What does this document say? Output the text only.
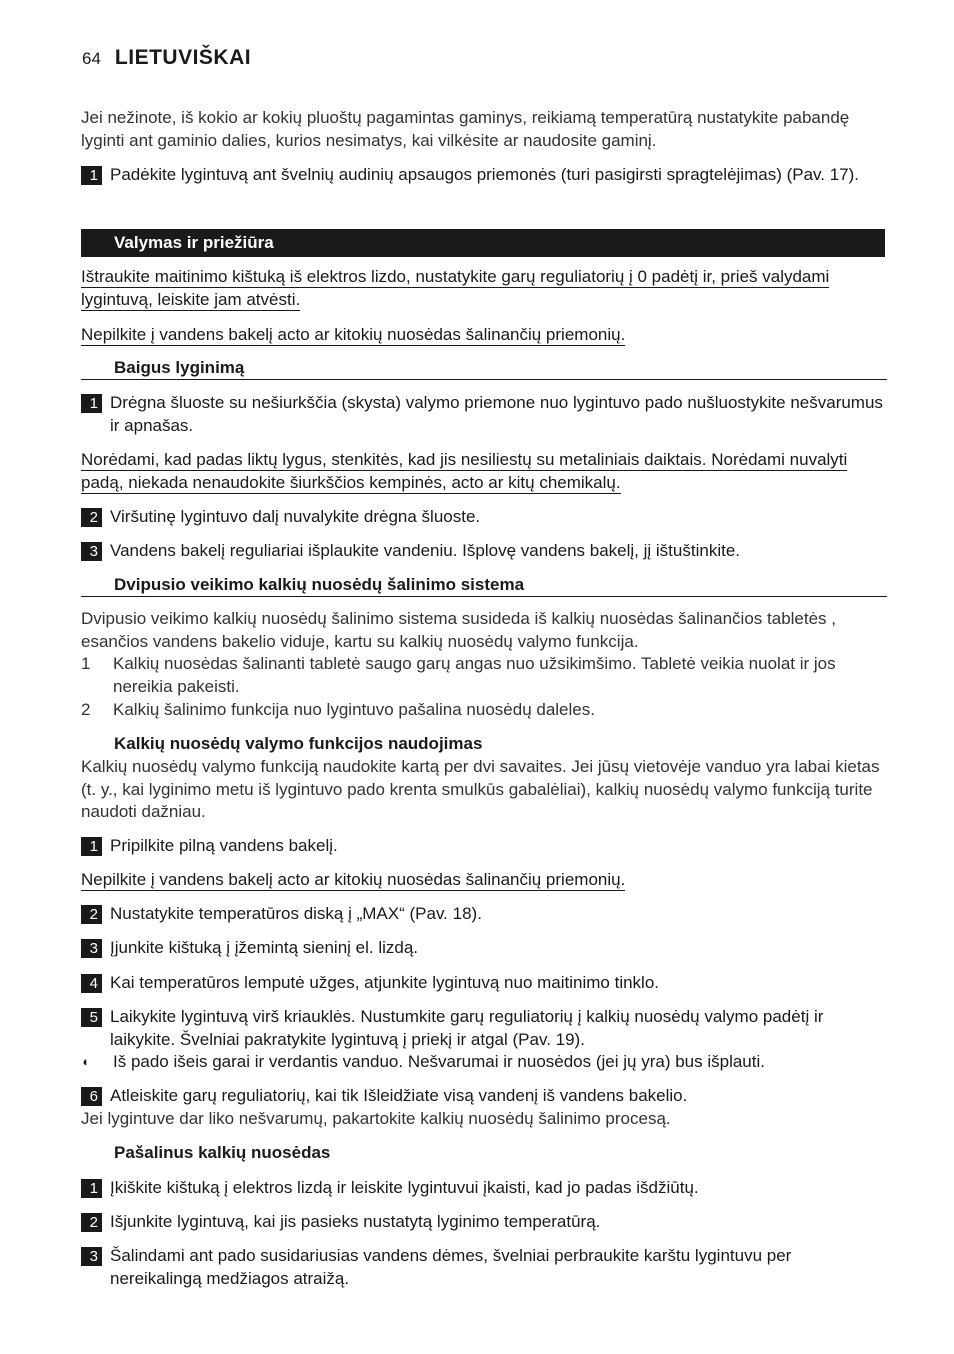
64 LIETUVIŠKAI
Jei nežinote, iš kokio ar kokių pluoštų pagamintas gaminys, reikiamą temperatūrą nustatykite pabandę lyginti ant gaminio dalies, kurios nesimatys, kai vilkėsite ar naudosite gaminį.
1 Padėkite lygintuvą ant švelnių audinių apsaugos priemonės (turi pasigirsti spragtelėjimas) (Pav. 17).
Valymas ir priežiūra
Ištraukite maitinimo kištuką iš elektros lizdo, nustatykite garų reguliatorių į 0 padėtį ir, prieš valydami lygintuvą, leiskite jam atvėsti.
Nepilkite į vandens bakelį acto ar kitokių nuosėdas šalinančių priemonių.
Baigus lyginimą
1 Drėgna šluoste su nešiurkščia (skysta) valymo priemone nuo lygintuvo pado nušluostykite nešvarumus ir apnašas.
Norėdami, kad padas liktų lygus, stenkitės, kad jis nesiliestų su metaliniais daiktais. Norėdami nuvalyti padą, niekada nenaudokite šiurkščios kempinės, acto ar kitų chemikalų.
2 Viršutinę lygintuvo dalį nuvalykite drėgna šluoste.
3 Vandens bakelį reguliariai išplaukite vandeniu. Išplovę vandens bakelį, jį ištuštinkite.
Dvipusio veikimo kalkių nuosėdų šalinimo sistema
Dvipusio veikimo kalkių nuosėdų šalinimo sistema susideda iš kalkių nuosėdas šalinančios tabletės , esančios vandens bakelio viduje, kartu su kalkių nuosėdų valymo funkcija.
1	Kalkių nuosėdas šalinanti tabletė saugo garų angas nuo užsikimšimo. Tabletė veikia nuolat ir jos nereikia pakeisti.
2	Kalkių šalinimo funkcija nuo lygintuvo pašalina nuosėdų daleles.
Kalkių nuosėdų valymo funkcijos naudojimas
Kalkių nuosėdų valymo funkciją naudokite kartą per dvi savaites. Jei jūsų vietovėje vanduo yra labai kietas (t. y., kai lyginimo metu iš lygintuvo pado krenta smulkūs gabalėliai), kalkių nuosėdų valymo funkciją turite naudoti dažniau.
1 Pripilkite pilną vandens bakelį.
Nepilkite į vandens bakelį acto ar kitokių nuosėdas šalinančių priemonių.
2 Nustatykite temperatūros diską į „MAX“ (Pav. 18).
3 Įjunkite kištuką į įžemintą sieninį el. lizdą.
4 Kai temperatūros lemputė užges, atjunkite lygintuvą nuo maitinimo tinklo.
5 Laikykite lygintuvą virš kriauklės. Nustumkite garų reguliatorių į kalkių nuosėdų valymo padėtį ir laikykite. Švelniai pakratykite lygintuvą į priekį ir atgal (Pav. 19).
◖	Iš pado išeis garai ir verdantis vanduo. Nešvarumai ir nuosėdos (jei jų yra) bus išplauti.
6 Atleiskite garų reguliatorių, kai tik Išleidžiate visą vandenį iš vandens bakelio.
Jei lygintuve dar liko nešvarumų, pakartokite kalkių nuosėdų šalinimo procesą.
Pašalinus kalkių nuosėdas
1 Įkiškite kištuką į elektros lizdą ir leiskite lygintuvui įkaisti, kad jo padas išdžiūtų.
2 Išjunkite lygintuvą, kai jis pasieks nustatytą lyginimo temperatūrą.
3 Šalindami ant pado susidariusias vandens dėmes, švelniai perbraukite karštu lygintuvu per nereikalingą medžiagos atraižą.
